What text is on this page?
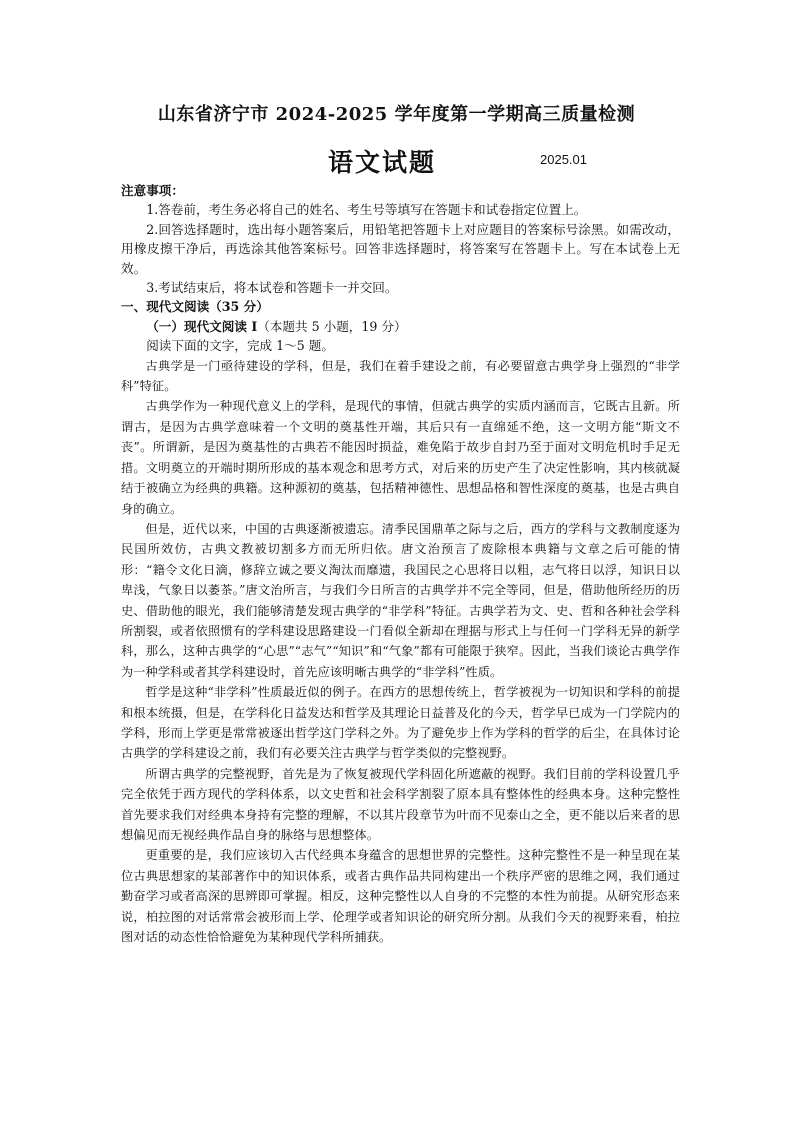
山东省济宁市 2024-2025 学年度第一学期高三质量检测
语文试题	2025.01

注意事项：

1.答卷前，考生务必将自己的姓名、考生号等填写在答题卡和试卷指定位置上。

2.回答选择题时，选出每小题答案后，用铅笔把答题卡上对应题目的答案标号涂黑。如需改动，用橡皮擦干净后，再选涂其他答案标号。回答非选择题时，将答案写在答题卡上。写在本试卷上无效。

3.考试结束后，将本试卷和答题卡一并交回。

一、现代文阅读（35 分）

（一）现代文阅读 I（本题共 5 小题，19 分）

阅读下面的文字，完成 1～5 题。

古典学是一门亟待建设的学科，但是，我们在着手建设之前，有必要留意古典学身上强烈的“非学科”特征。

古典学作为一种现代意义上的学科，是现代的事情，但就古典学的实质内涵而言，它既古且新。所谓古，是因为古典学意味着一个文明的奠基性开端，其后只有一直绵延不绝，这一文明方能“斯文不丧”。所谓新，是因为奠基性的古典若不能因时损益，难免陷于故步自封乃至于面对文明危机时手足无措。文明奠立的开端时期所形成的基本观念和思考方式，对后来的历史产生了决定性影响，其内核就凝结于被确立为经典的典籍。这种源初的奠基，包括精神德性、思想品格和智性深度的奠基，也是古典自身的确立。

但是，近代以来，中国的古典逐渐被遗忘。清季民国鼎革之际与之后，西方的学科与文教制度逐为民国所效仿，古典文教被切割多方而无所归依。唐文治预言了废除根本典籍与文章之后可能的情形：“籍令文化日滴，修辞立诚之要义淘汰而靡遗，我国民之心思将日以粗，志气将日以浮，知识日以卑浅，气象日以萎茶。”唐文治所言，与我们今日所言的古典学并不完全等同，但是，借助他所经历的历史、借助他的眼光，我们能够清楚发现古典学的“非学科”特征。古典学若为文、史、哲和各种社会学科所割裂，或者依照惯有的学科建设思路建设一门看似全新却在理据与形式上与任何一门学科无异的新学科，那么，这种古典学的“心思”“志气”“知识”和“气象”都有可能限于狭窄。因此，当我们谈论古典学作为一种学科或者其学科建设时，首先应该明晰古典学的“非学科”性质。

哲学是这种“非学科”性质最近似的例子。在西方的思想传统上，哲学被视为一切知识和学科的前提和根本统摄，但是，在学科化日益发达和哲学及其理论日益普及化的今天，哲学早已成为一门学院内的学科，形而上学更是常常被逐出哲学这门学科之外。为了避免步上作为学科的哲学的后尘，在具体讨论古典学的学科建设之前，我们有必要关注古典学与哲学类似的完整视野。

所谓古典学的完整视野，首先是为了恢复被现代学科固化所遮蔽的视野。我们目前的学科设置几乎完全依凭于西方现代的学科体系，以文史哲和社会科学割裂了原本具有整体性的经典本身。这种完整性首先要求我们对经典本身持有完整的理解，不以其片段章节为叶而不见泰山之全，更不能以后来者的思想偏见而无视经典作品自身的脉络与思想整体。

更重要的是，我们应该切入古代经典本身蕴含的思想世界的完整性。这种完整性不是一种呈现在某位古典思想家的某部著作中的知识体系，或者古典作品共同构建出一个秩序严密的思维之网，我们通过勤奋学习或者高深的思辨即可掌握。相反，这种完整性以人自身的不完整的本性为前提。从研究形态来说，柏拉图的对话常常会被形而上学、伦理学或者知识论的研究所分割。从我们今天的视野来看，柏拉图对话的动态性恰恰避免为某种现代学科所捕获。
